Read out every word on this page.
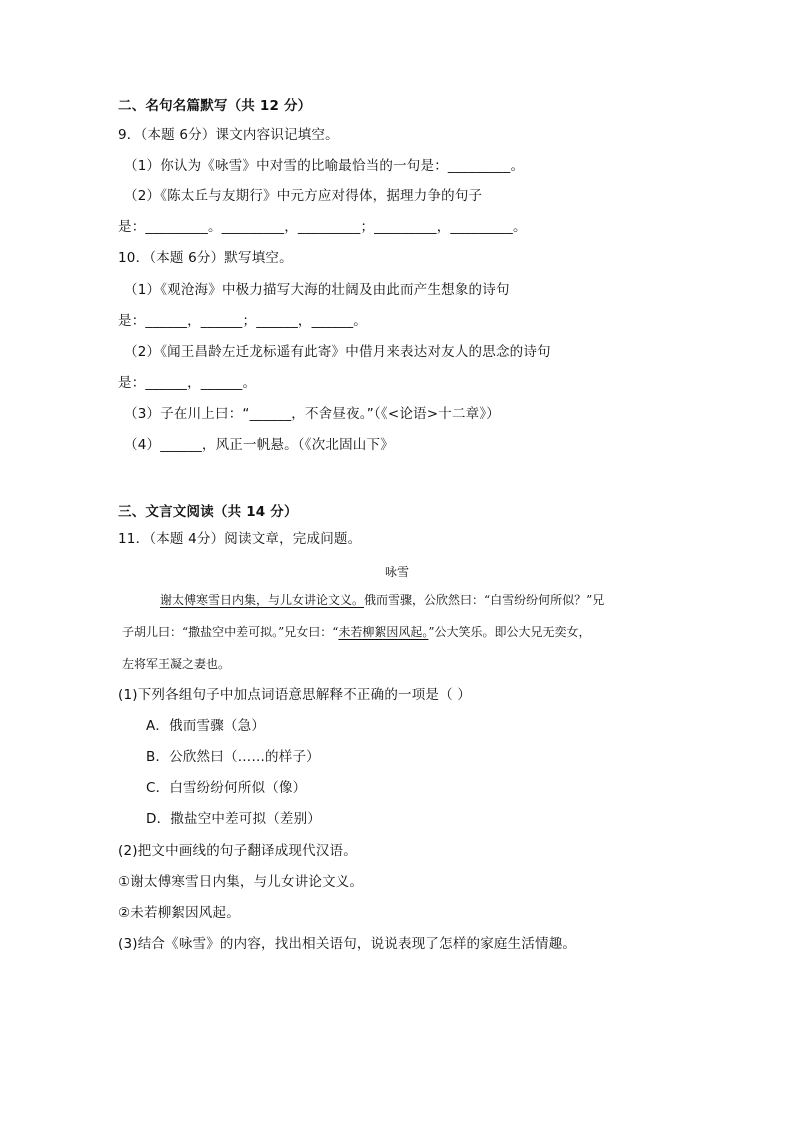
二、名句名篇默写（共 12 分）
9．（本题 6分）课文内容识记填空。
（1）你认为《咏雪》中对雪的比喻最恰当的一句是：_________。
（2）《陈太丘与友期行》中元方应对得体，据理力争的句子
是：_________。_________，_________；_________，_________。
10．（本题 6分）默写填空。
（1）《观沧海》中极力描写大海的壮阔及由此而产生想象的诗句
是：______，______；______，______。
（2）《闻王昌龄左迁龙标遥有此寄》中借月来表达对友人的思念的诗句
是：______，______。
（3）子在川上曰：“______，不舍昼夜。”（《<论语>十二章》）
（4）______，风正一帆悬。（《次北固山下》
三、文言文阅读（共 14 分）
11．（本题 4分）阅读文章，完成问题。
咏雪
谢太傅寒雪日内集，与儿女讲论文义。俄而雪骤，公欣然曰：“白雪纷纷何所似？”兄
子胡儿曰：“撒盐空中差可拟。”兄女曰：“未若柳絮因风起。”公大笑乐。即公大兄无奕女，
左将军王凝之妻也。
(1)下列各组句子中加点词语意思解释不正确的一项是（ ）
A．俄而雪骤（急）
B．公欣然曰（……的样子）
C．白雪纷纷何所似（像）
D．撒盐空中差可拟（差别）
(2)把文中画线的句子翻译成现代汉语。
①谢太傅寒雪日内集，与儿女讲论文义。
②未若柳絮因风起。
(3)结合《咏雪》的内容，找出相关语句，说说表现了怎样的家庭生活情趣。
